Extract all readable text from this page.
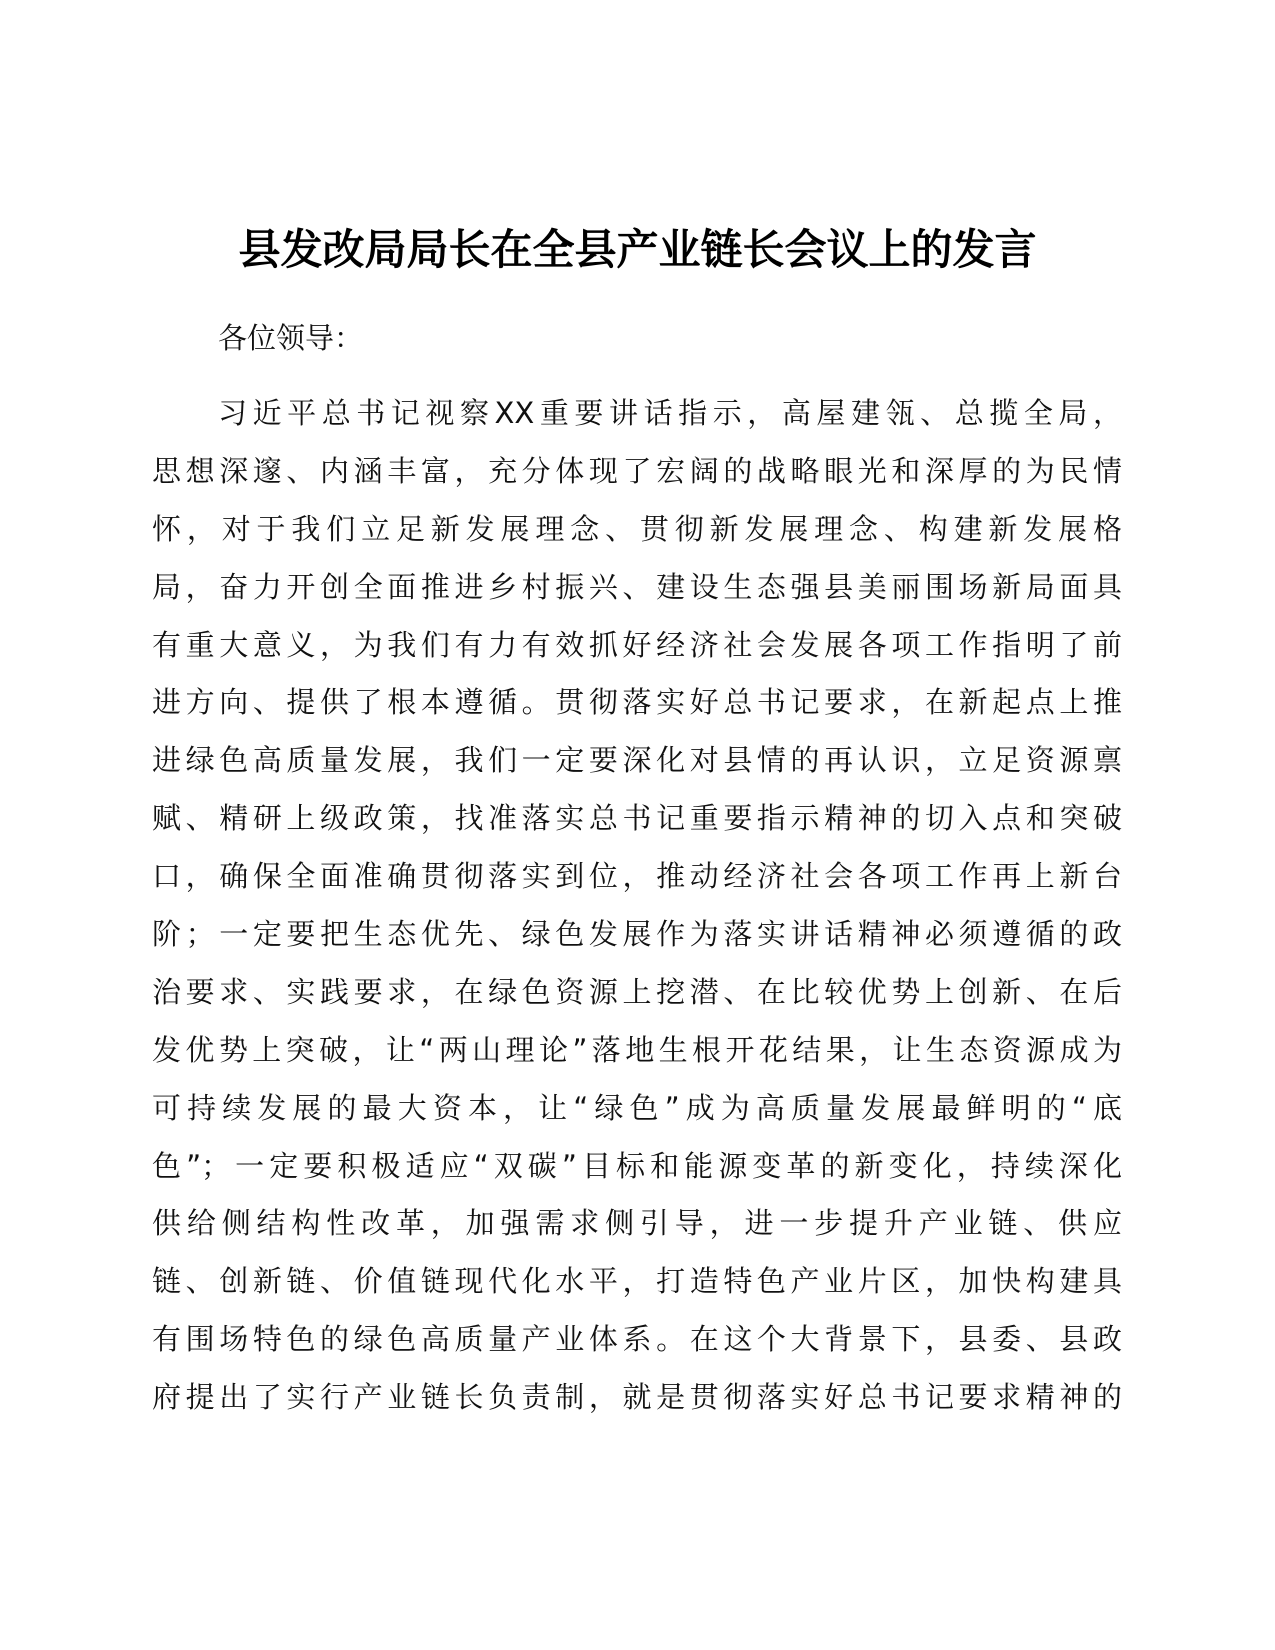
县发改局局长在全县产业链长会议上的发言

各位领导：

习近平总书记视察XX重要讲话指示，高屋建瓴、总揽全局，
思想深邃、内涵丰富，充分体现了宏阔的战略眼光和深厚的为民情
怀，对于我们立足新发展理念、贯彻新发展理念、构建新发展格
局，奋力开创全面推进乡村振兴、建设生态强县美丽围场新局面具
有重大意义，为我们有力有效抓好经济社会发展各项工作指明了前
进方向、提供了根本遵循。贯彻落实好总书记要求，在新起点上推
进绿色高质量发展，我们一定要深化对县情的再认识，立足资源禀
赋、精研上级政策，找准落实总书记重要指示精神的切入点和突破
口，确保全面准确贯彻落实到位，推动经济社会各项工作再上新台
阶；一定要把生态优先、绿色发展作为落实讲话精神必须遵循的政
治要求、实践要求，在绿色资源上挖潜、在比较优势上创新、在后
发优势上突破，让“两山理论”落地生根开花结果，让生态资源成为
可持续发展的最大资本，让“绿色”成为高质量发展最鲜明的“底
色”；一定要积极适应“双碳”目标和能源变革的新变化，持续深化
供给侧结构性改革，加强需求侧引导，进一步提升产业链、供应
链、创新链、价值链现代化水平，打造特色产业片区，加快构建具
有围场特色的绿色高质量产业体系。在这个大背景下，县委、县政
府提出了实行产业链长负责制，就是贯彻落实好总书记要求精神的
